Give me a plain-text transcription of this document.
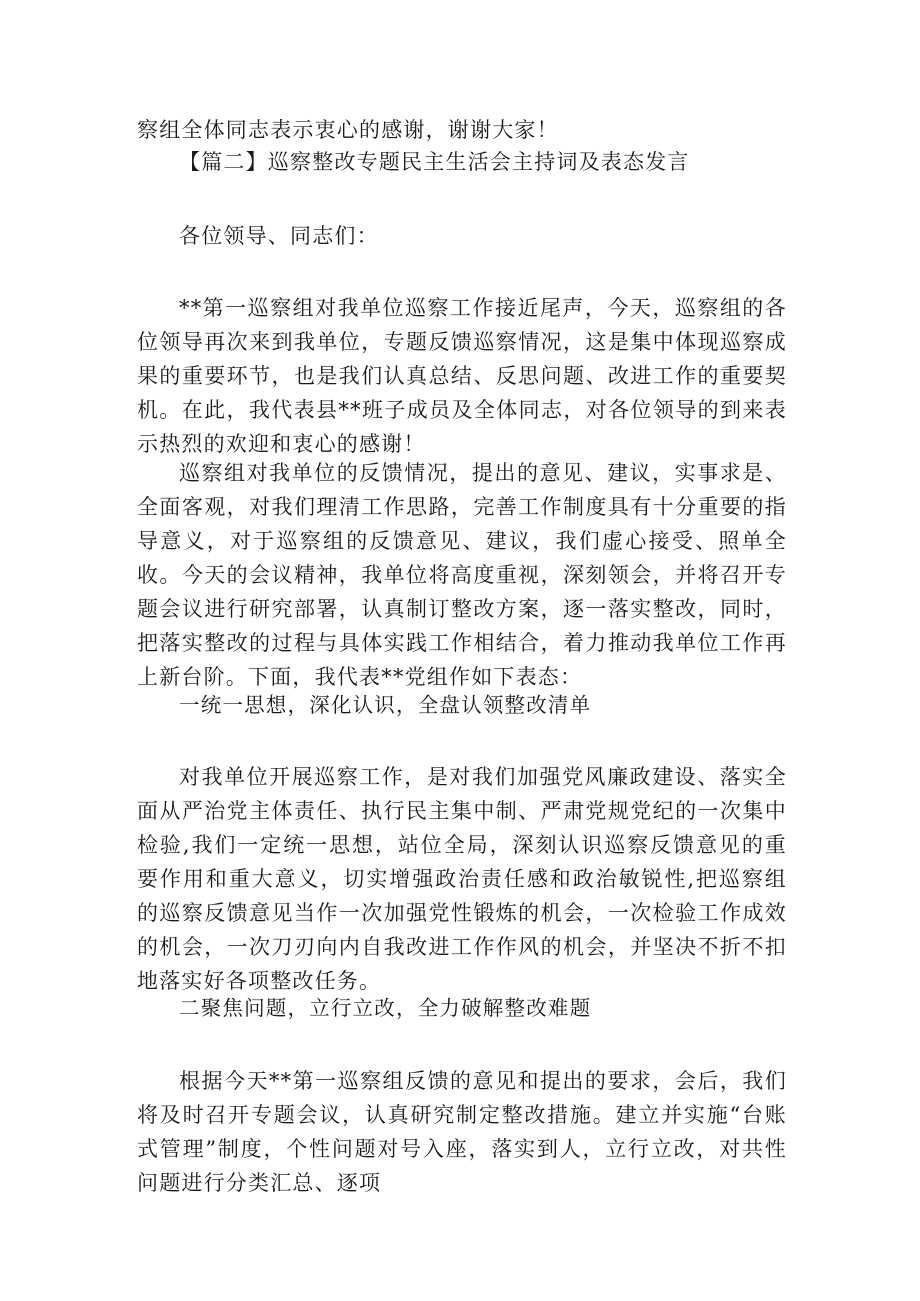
察组全体同志表示衷心的感谢，谢谢大家！
【篇二】巡察整改专题民主生活会主持词及表态发言
各位领导、同志们：
**第一巡察组对我单位巡察工作接近尾声，今天，巡察组的各位领导再次来到我单位，专题反馈巡察情况，这是集中体现巡察成果的重要环节，也是我们认真总结、反思问题、改进工作的重要契机。在此，我代表县**班子成员及全体同志，对各位领导的到来表示热烈的欢迎和衷心的感谢！
巡察组对我单位的反馈情况，提出的意见、建议，实事求是、全面客观，对我们理清工作思路，完善工作制度具有十分重要的指导意义，对于巡察组的反馈意见、建议，我们虚心接受、照单全收。今天的会议精神，我单位将高度重视，深刻领会，并将召开专题会议进行研究部署，认真制订整改方案，逐一落实整改，同时，把落实整改的过程与具体实践工作相结合，着力推动我单位工作再上新台阶。下面，我代表**党组作如下表态：
一统一思想，深化认识，全盘认领整改清单
对我单位开展巡察工作，是对我们加强党风廉政建设、落实全面从严治党主体责任、执行民主集中制、严肃党规党纪的一次集中检验,我们一定统一思想，站位全局，深刻认识巡察反馈意见的重要作用和重大意义，切实增强政治责任感和政治敏锐性,把巡察组的巡察反馈意见当作一次加强党性锻炼的机会，一次检验工作成效的机会，一次刀刃向内自我改进工作作风的机会，并坚决不折不扣地落实好各项整改任务。
二聚焦问题，立行立改，全力破解整改难题
根据今天**第一巡察组反馈的意见和提出的要求，会后，我们将及时召开专题会议，认真研究制定整改措施。建立并实施“台账式管理”制度，个性问题对号入座，落实到人，立行立改，对共性问题进行分类汇总、逐项
